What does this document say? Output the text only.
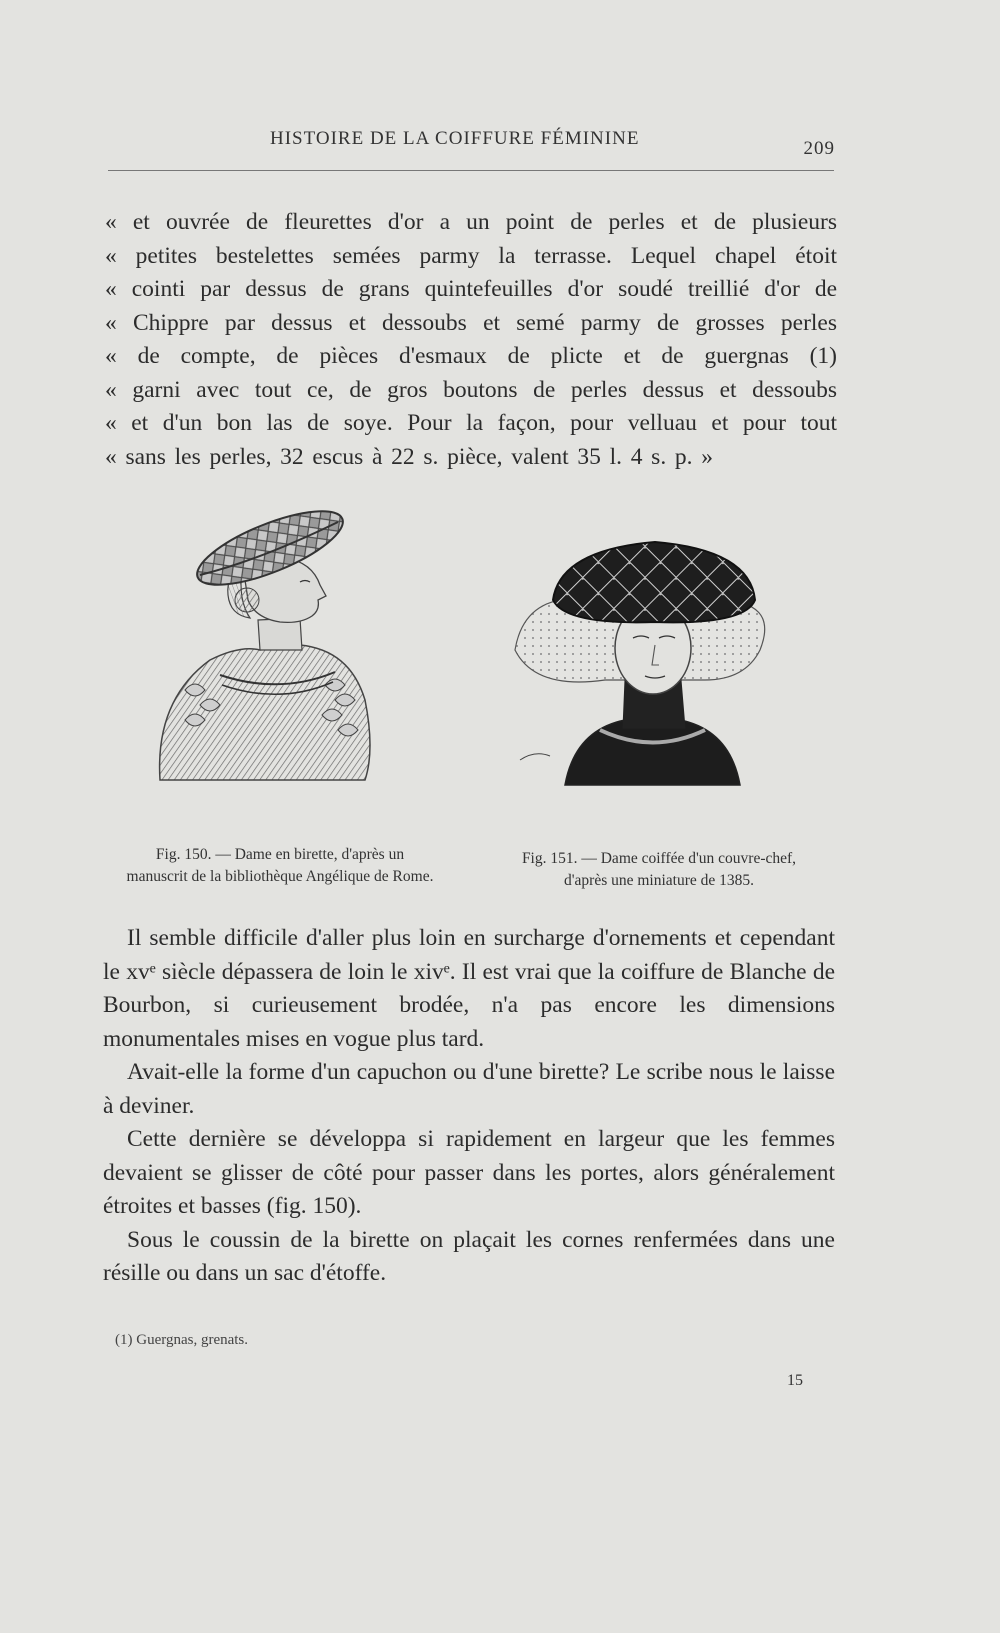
HISTOIRE DE LA COIFFURE FÉMININE	209
« et ouvrée de fleurettes d'or a un point de perles et de plusieurs
« petites bestelettes semées parmy la terrasse. Lequel chapel étoit
« cointi par dessus de grans quintefeuilles d'or soudé treillié d'or de
« Chippre par dessus et dessoubs et semé parmy de grosses perles
« de compte, de pièces d'esmaux de plicte et de guergnas (1)
« garni avec tout ce, de gros boutons de perles dessus et dessoubs
« et d'un bon las de soye. Pour la façon, pour velluau et pour tout
« sans les perles, 32 escus à 22 s. pièce, valent 35 l. 4 s. p. »
Fig. 150. — Dame en birette, d'après un
manuscrit de la bibliothèque Angélique de Rome.
Fig. 151. — Dame coiffée d'un couvre-chef,
d'après une miniature de 1385.

Il semble difficile d'aller plus loin en surcharge d'ornements et cependant le xvᵉ siècle dépassera de loin le xivᵉ. Il est vrai que la coiffure de Blanche de Bourbon, si curieusement brodée, n'a pas encore les dimensions monumentales mises en vogue plus tard.

Avait-elle la forme d'un capuchon ou d'une birette? Le scribe nous le laisse à deviner.

Cette dernière se développa si rapidement en largeur que les femmes devaient se glisser de côté pour passer dans les portes, alors généralement étroites et basses (fig. 150).

Sous le coussin de la birette on plaçait les cornes renfermées dans une résille ou dans un sac d'étoffe.

(1) Guergnas, grenats.
15
